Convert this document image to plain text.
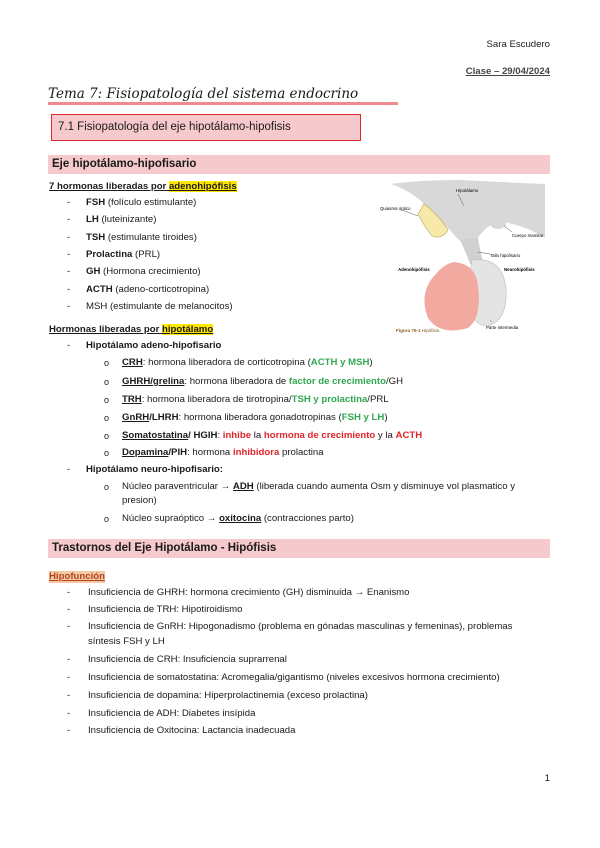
Sara Escudero
Clase – 29/04/2024
Tema 7: Fisiopatología del sistema endocrino
7.1 Fisiopatología del eje hipotálamo-hipofisis
Eje hipotálamo-hipofisario
7 hormonas liberadas por adenohipófisis
- FSH (folículo estimulante)
- LH (luteinizante)
- TSH (estimulante tiroides)
- Prolactina (PRL)
- GH (Hormona crecimiento)
- ACTH (adeno-corticotropina)
- MSH (estimulante de melanocitos)
Hormonas liberadas por hipotálamo
- Hipotálamo adeno-hipofisario
o CRH: hormona liberadora de corticotropina (ACTH y MSH)
o GHRH/grelina: hormona liberadora de factor de crecimiento/GH
o TRH: hormona liberadora de tirotropina/TSH y prolactina/PRL
o GnRH/LHRH: hormona liberadora gonadotropinas (FSH y LH)
o Somatostatina/ HGIH: inhibe la hormona de crecimiento y la ACTH
o Dopamina/PIH: hormona inhibidora prolactina
- Hipotálamo neuro-hipofisario:
o Núcleo paraventricular → ADH (liberada cuando aumenta Osm y disminuye vol plasmatico y
presion)
o Núcleo supraóptico → oxitocina (contracciones parto)
Hipotálamo
Quiasma óptico
Cuerpo mamilar
Tallo hipofisario
Adenohipófisis	Neurohipófisis
Parte intermedia
Figura 75-1 Hipófisis.
Trastornos del Eje Hipotálamo - Hipófisis
Hipofunción
- Insuficiencia de GHRH: hormona crecimiento (GH) disminuida → Enanismo
- Insuficiencia de TRH: Hipotiroidismo
- Insuficiencia de GnRH: Hipogonadismo (problema en gónadas masculinas y femeninas), problemas
síntesis FSH y LH
- Insuficiencia de CRH: Insuficiencia suprarrenal
- Insuficiencia de somatostatina: Acromegalia/gigantismo (niveles excesivos hormona crecimiento)
- Insuficiencia de dopamina: Hiperprolactinemia (exceso prolactina)
- Insuficiencia de ADH: Diabetes insípida
- Insuficiencia de Oxitocina: Lactancia inadecuada
1
